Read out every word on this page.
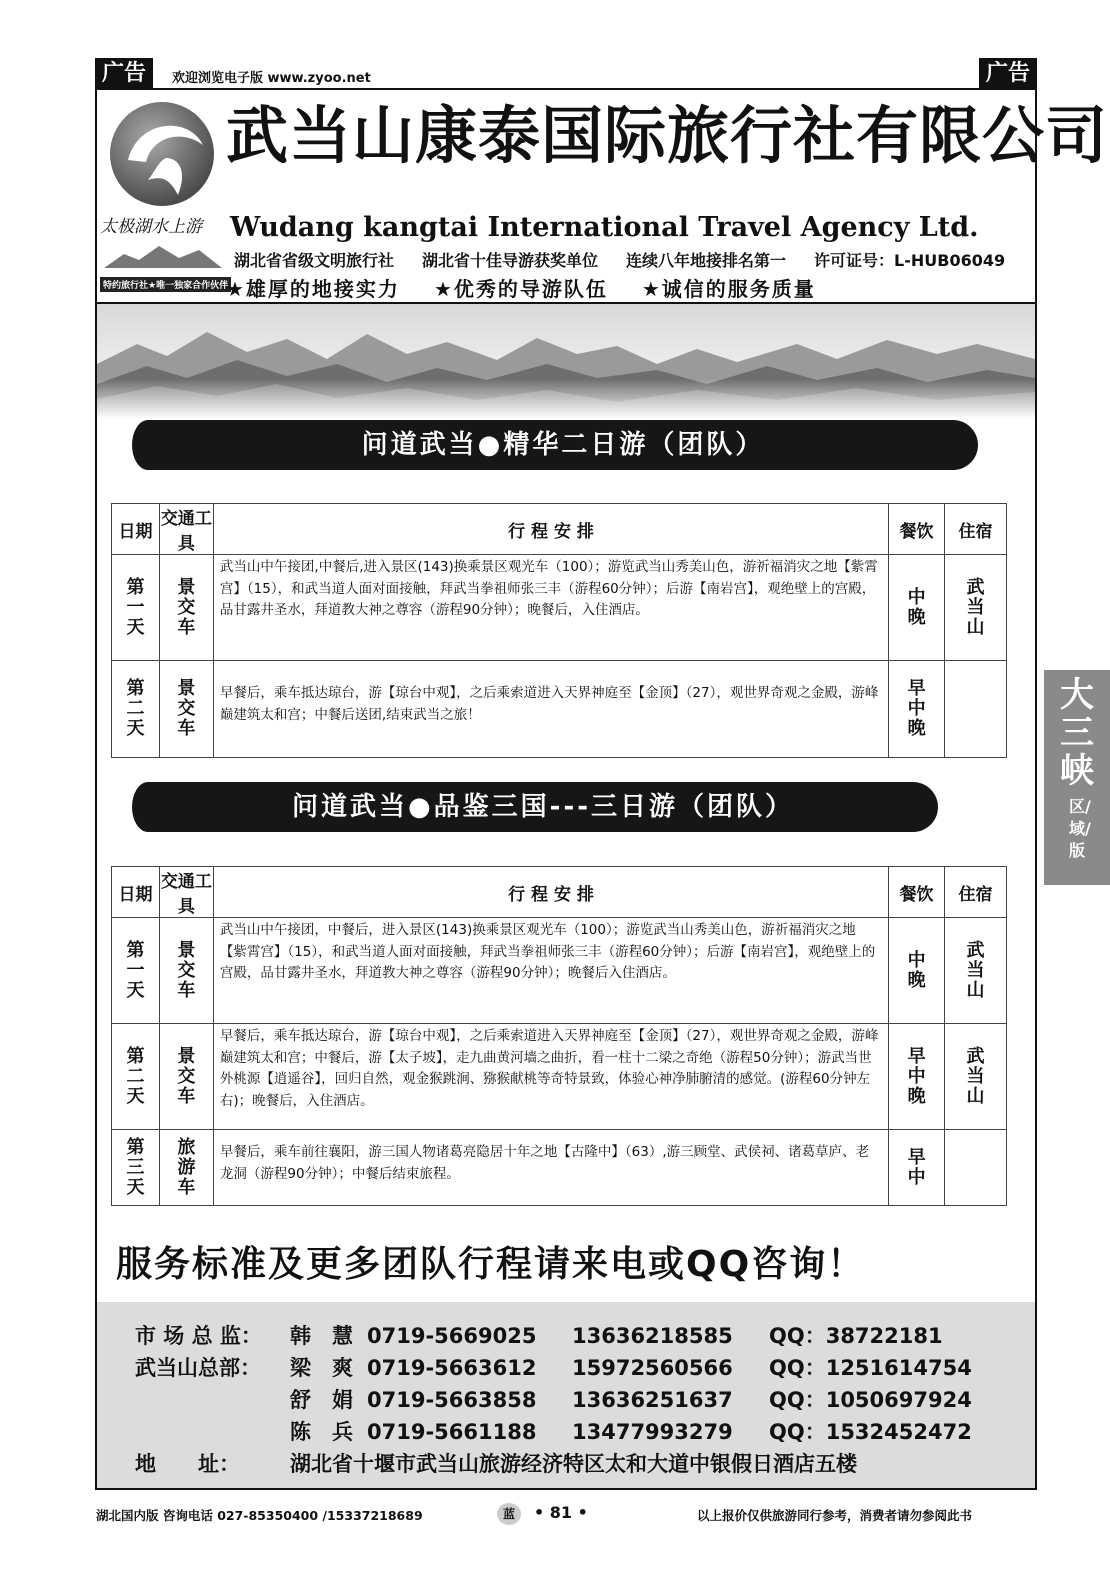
广告	欢迎浏览电子版 www.zyoo.net	广告
太极湖水上游
特约旅行社★唯一独家合作伙伴
武当山康泰国际旅行社有限公司
Wudang kangtai International Travel Agency Ltd.
湖北省省级文明旅行社 湖北省十佳导游获奖单位 连续八年地接排名第一 许可证号：L-HUB06049
★雄厚的地接实力 ★优秀的导游队伍 ★诚信的服务质量
问道武当●精华二日游（团队）
日期	交通工具	行 程 安 排	餐饮	住宿

第一天	景交车	武当山中午接团,中餐后,进入景区(143)换乘景区观光车（100）；游览武当山秀美山色，游祈福消灾之地【紫霄宫】（15），和武当道人面对面接触，拜武当拳祖师张三丰（游程60分钟）；后游【南岩宫】，观绝壁上的宫殿，品甘露井圣水，拜道教大神之尊容（游程90分钟）；晚餐后，入住酒店。	中晚	武当山

第二天	景交车	早餐后，乘车抵达琼台，游【琼台中观】，之后乘索道进入天界神庭至【金顶】（27），观世界奇观之金殿，游峰巅建筑太和宫；中餐后送团,结束武当之旅！	早中晚	

问道武当●品鉴三国---三日游（团队）
日期	交通工具	行 程 安 排	餐饮	住宿

第一天	景交车	武当山中午接团，中餐后，进入景区(143)换乘景区观光车（100）；游览武当山秀美山色，游祈福消灾之地【紫霄宫】（15），和武当道人面对面接触，拜武当拳祖师张三丰（游程60分钟）；后游【南岩宫】，观绝壁上的宫殿，品甘露井圣水，拜道教大神之尊容（游程90分钟）；晚餐后入住酒店。	中晚	武当山

第二天	景交车	早餐后，乘车抵达琼台，游【琼台中观】，之后乘索道进入天界神庭至【金顶】（27），观世界奇观之金殿，游峰巅建筑太和宫；中餐后，游【太子坡】，走九曲黄河墙之曲折，看一柱十二梁之奇绝（游程50分钟）；游武当世外桃源【逍遥谷】，回归自然，观金猴跳涧、猕猴献桃等奇特景致，体验心神净肺腑清的感觉。(游程60分钟左右)；晚餐后，入住酒店。	早中晚	武当山

第三天	旅游车	早餐后，乘车前往襄阳，游三国人物诸葛亮隐居十年之地【古隆中】（63）,游三顾堂、武侯祠、诸葛草庐、老龙洞（游程90分钟）；中餐后结束旅程。	早中	

服务标准及更多团队行程请来电或QQ咨询！
市 场 总 监： 韩　慧 0719-5669025 13636218585 QQ：38722181
武当山总部： 梁　爽 0719-5663612 15972560566 QQ：1251614754
舒　娟 0719-5663858 13636251637 QQ：1050697924
陈　兵 0719-5661188 13477993279 QQ：1532452472
地　　址： 湖北省十堰市武当山旅游经济特区太和大道中银假日酒店五楼
大三峡
区/域/版
湖北国内版 咨询电话 027-85350400 /15337218689	蓝	• 81 •	以上报价仅供旅游同行参考，消费者请勿参阅此书
